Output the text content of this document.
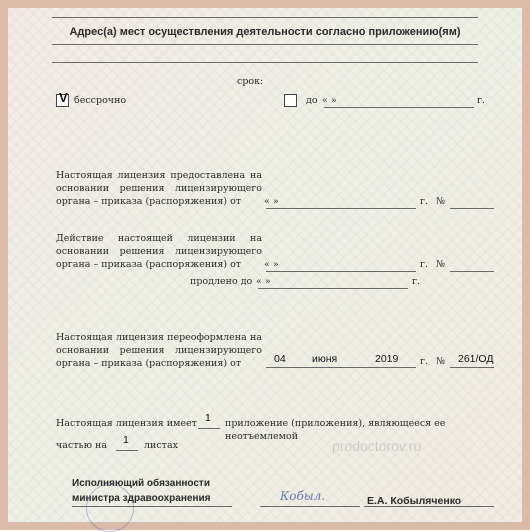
Адрес(а) мест осуществления деятельности согласно приложению(ям)
срок:
V бессрочно	до « »	г.
Настоящая лицензия предоставлена на основании решения лицензирующего органа – приказа (распоряжения) от	« »	г. №
Действие настоящей лицензии на основании решения лицензирующего органа – приказа (распоряжения) от	« »	г. №
продлено до « »	г.
Настоящая лицензия переоформлена на основании решения лицензирующего органа – приказа (распоряжения) от	04	июня	2019 г. № 261/ОД
Настоящая лицензия имеет 1 приложение (приложения), являющееся ее неотъемлемой
частью на 1 листах
Исполняющий обязанности
министра здравоохранения	Кобыл.	Е.А. Кобыляченко
prodoctorov.ru
